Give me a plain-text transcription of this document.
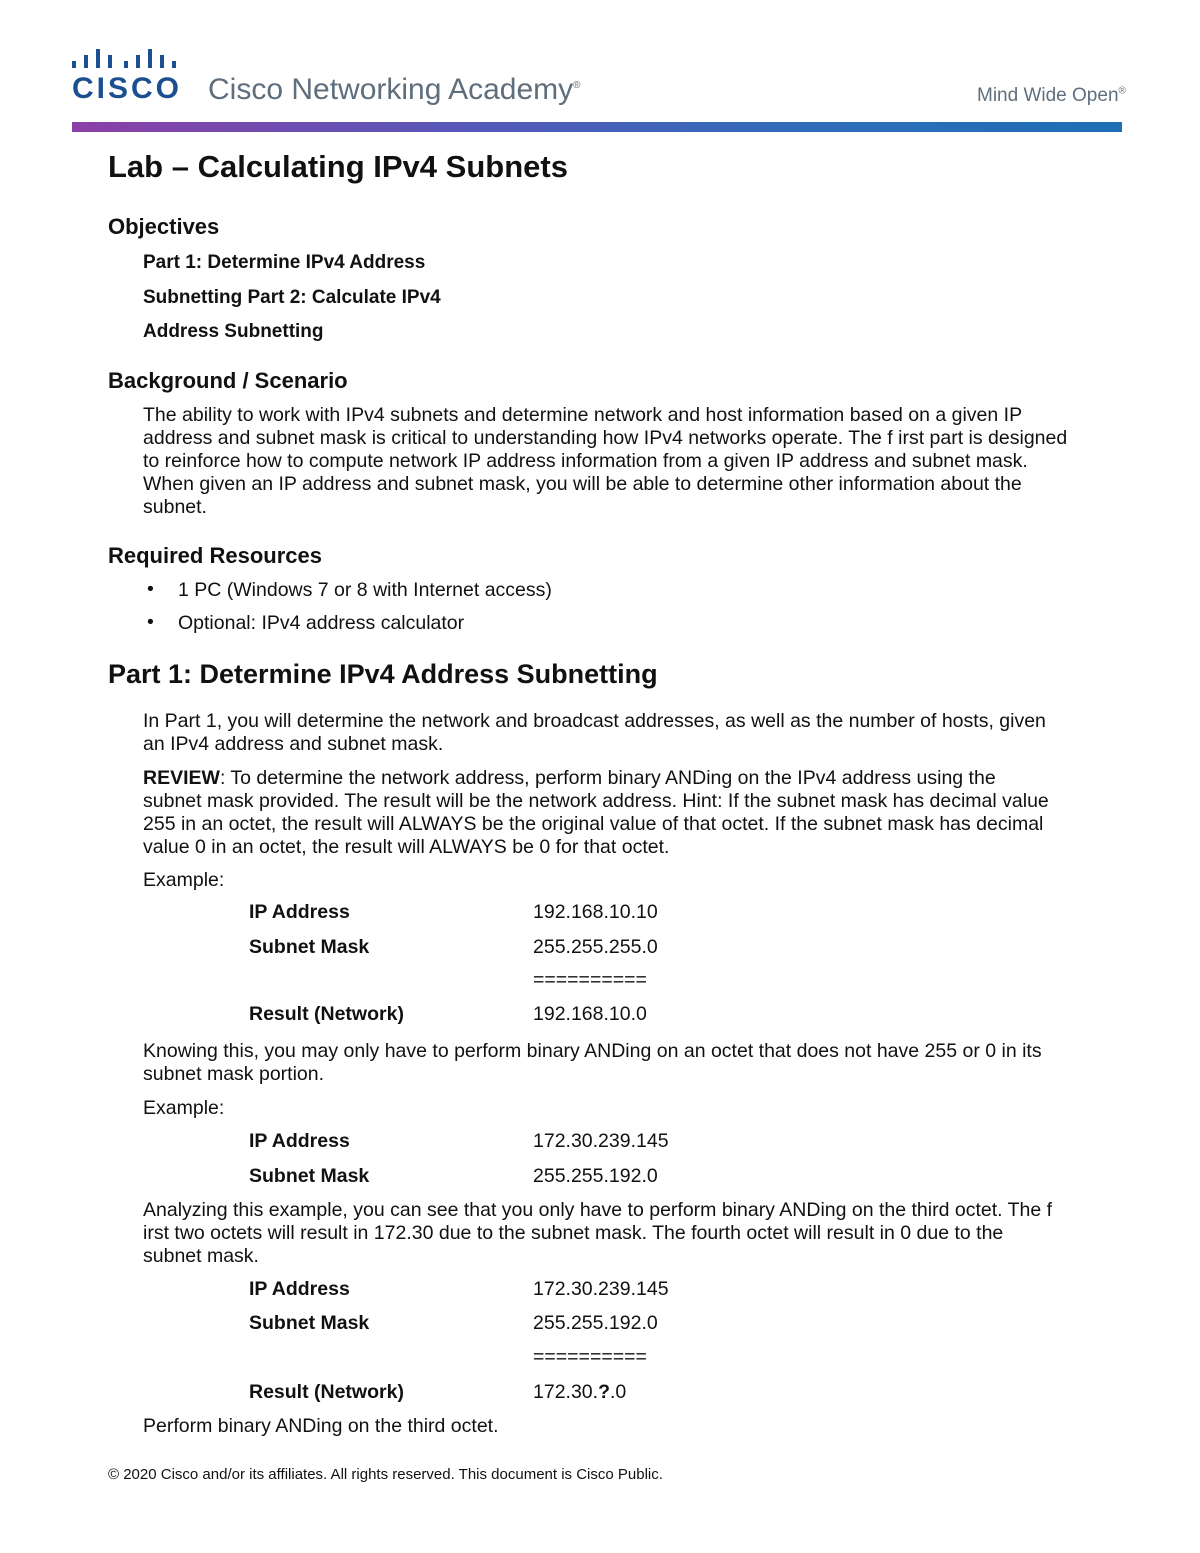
CISCO Cisco Networking Academy®	Mind Wide Open®
Lab – Calculating IPv4 Subnets
Objectives
Part 1: Determine IPv4 Address
Subnetting Part 2: Calculate IPv4
Address Subnetting
Background / Scenario
The ability to work with IPv4 subnets and determine network and host information based on a given IP
address and subnet mask is critical to understanding how IPv4 networks operate. The f irst part is designed
to reinforce how to compute network IP address information from a given IP address and subnet mask.
When given an IP address and subnet mask, you will be able to determine other information about the
subnet.
Required Resources
• 1 PC (Windows 7 or 8 with Internet access)
• Optional: IPv4 address calculator
Part 1: Determine IPv4 Address Subnetting
In Part 1, you will determine the network and broadcast addresses, as well as the number of hosts, given
an IPv4 address and subnet mask.
REVIEW: To determine the network address, perform binary ANDing on the IPv4 address using the
subnet mask provided. The result will be the network address. Hint: If the subnet mask has decimal value
255 in an octet, the result will ALWAYS be the original value of that octet. If the subnet mask has decimal
value 0 in an octet, the result will ALWAYS be 0 for that octet.
Example:
IP Address	192.168.10.10
Subnet Mask	255.255.255.0
==========
Result (Network)	192.168.10.0
Knowing this, you may only have to perform binary ANDing on an octet that does not have 255 or 0 in its
subnet mask portion.
Example:
IP Address	172.30.239.145
Subnet Mask	255.255.192.0
Analyzing this example, you can see that you only have to perform binary ANDing on the third octet. The f
irst two octets will result in 172.30 due to the subnet mask. The fourth octet will result in 0 due to the
subnet mask.
IP Address	172.30.239.145
Subnet Mask	255.255.192.0
==========
Result (Network)	172.30.?.0
Perform binary ANDing on the third octet.
© 2020 Cisco and/or its affiliates. All rights reserved. This document is Cisco Public.
